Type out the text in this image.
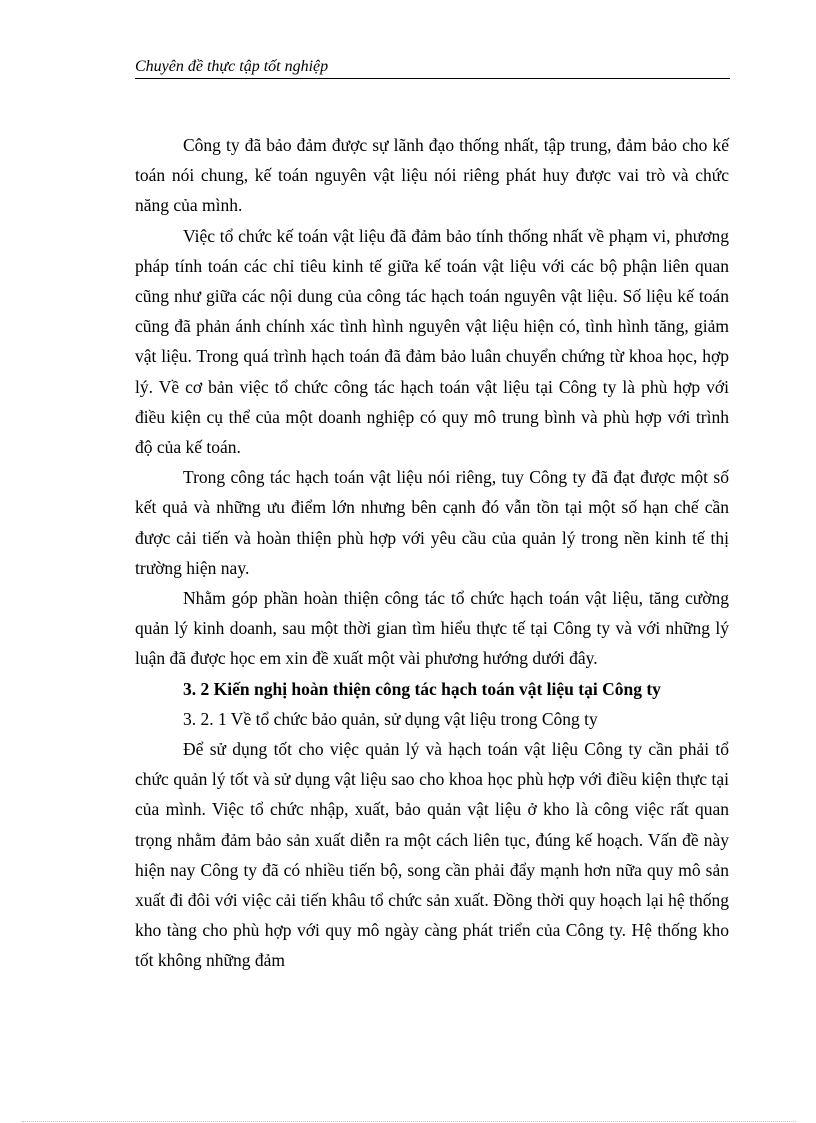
Chuyên đề thực tập tốt nghiệp

Công ty đã bảo đảm được sự lãnh đạo thống nhất, tập trung, đảm bảo cho kế toán nói chung, kế toán nguyên vật liệu nói riêng phát huy được vai trò và chức năng của mình.

Việc tổ chức kế toán vật liệu đã đảm bảo tính thống nhất về phạm vi, phương pháp tính toán các chỉ tiêu kinh tế giữa kế toán vật liệu với các bộ phận liên quan cũng như giữa các nội dung của công tác hạch toán nguyên vật liệu. Số liệu kế toán cũng đã phản ánh chính xác tình hình nguyên vật liệu hiện có, tình hình tăng, giảm vật liệu. Trong quá trình hạch toán đã đảm bảo luân chuyển chứng từ khoa học, hợp lý. Về cơ bản việc tổ chức công tác hạch toán vật liệu tại Công ty là phù hợp với điều kiện cụ thể của một doanh nghiệp có quy mô trung bình và phù hợp với trình độ của kế toán.

Trong công tác hạch toán vật liệu nói riêng, tuy Công ty đã đạt được một số kết quả và những ưu điểm lớn nhưng bên cạnh đó vẫn tồn tại một số hạn chế cần được cải tiến và hoàn thiện phù hợp với yêu cầu của quản lý trong nền kinh tế thị trường hiện nay.

Nhằm góp phần hoàn thiện công tác tổ chức hạch toán vật liệu, tăng cường quản lý kinh doanh, sau một thời gian tìm hiểu thực tế tại Công ty và với những lý luận đã được học em xin đề xuất một vài phương hướng dưới đây.

3. 2 Kiến nghị hoàn thiện công tác hạch toán vật liệu tại Công ty

3. 2. 1 Về tổ chức bảo quản, sử dụng vật liệu trong Công ty

Để sử dụng tốt cho việc quản lý và hạch toán vật liệu Công ty cần phải tổ chức quản lý tốt và sử dụng vật liệu sao cho khoa học phù hợp với điều kiện thực tại của mình. Việc tổ chức nhập, xuất, bảo quản vật liệu ở kho là công việc rất quan trọng nhằm đảm bảo sản xuất diễn ra một cách liên tục, đúng kế hoạch. Vấn đề này hiện nay Công ty đã có nhiều tiến bộ, song cần phải đẩy mạnh hơn nữa quy mô sản xuất đi đôi với việc cải tiến khâu tổ chức sản xuất. Đồng thời quy hoạch lại hệ thống kho tàng cho phù hợp với quy mô ngày càng phát triển của Công ty. Hệ thống kho tốt không những đảm
